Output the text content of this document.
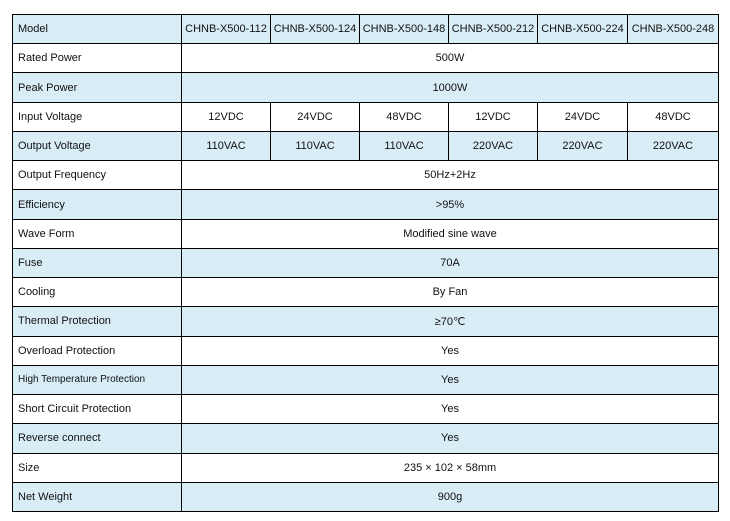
Model	CHNB-X500-112	CHNB-X500-124	CHNB-X500-148	CHNB-X500-212	CHNB-X500-224	CHNB-X500-248
Rated Power	500W					
Peak Power	1000W					
Input Voltage	12VDC	24VDC	48VDC	12VDC	24VDC	48VDC
Output Voltage	110VAC	110VAC	110VAC	220VAC	220VAC	220VAC
Output Frequency	50Hz+2Hz					
Efficiency	>95%					
Wave Form	Modified sine wave					
Fuse	70A					
Cooling	By Fan					
Thermal Protection	≥70℃					
Overload Protection	Yes					
High Temperature Protection	Yes					
Short Circuit Protection	Yes					
Reverse connect	Yes					
Size	235 × 102 × 58mm					
Net Weight	900g					
